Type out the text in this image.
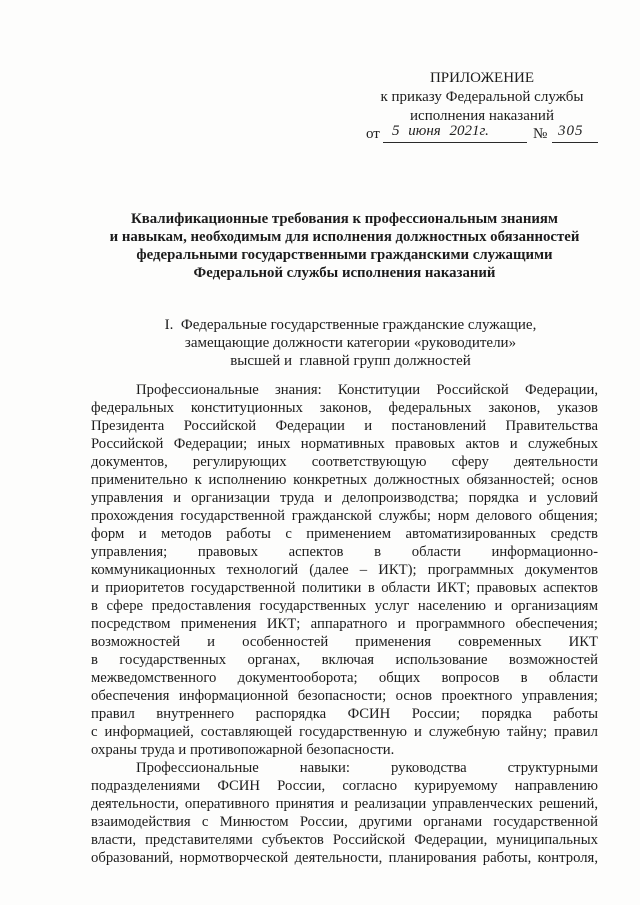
ПРИЛОЖЕНИЕ
к приказу Федеральной службы
исполнения наказаний
от 5 июня 2021г.	№ 305
Квалификационные требования к профессиональным знаниям
и навыкам, необходимым для исполнения должностных обязанностей
федеральными государственными гражданскими служащими
Федеральной службы исполнения наказаний
I.  Федеральные государственные гражданские служащие,
замещающие должности категории «руководители»
высшей и  главной групп должностей
Профессиональные знания: Конституции Российской Федерации,
федеральных конституционных законов, федеральных законов, указов
Президента Российской Федерации и постановлений Правительства
Российской Федерации; иных нормативных правовых актов и служебных
документов, регулирующих соответствующую сферу деятельности
применительно к исполнению конкретных должностных обязанностей; основ
управления и организации труда и делопроизводства; порядка и условий
прохождения государственной гражданской службы; норм делового общения;
форм и методов работы с применением автоматизированных средств
управления; правовых аспектов в области информационно-
коммуникационных технологий (далее – ИКТ); программных документов
и приоритетов государственной политики в области ИКТ; правовых аспектов
в сфере предоставления государственных услуг населению и организациям
посредством применения ИКТ; аппаратного и программного обеспечения;
возможностей и особенностей применения современных ИКТ
в государственных органах, включая использование возможностей
межведомственного документооборота; общих вопросов в области
обеспечения информационной безопасности; основ проектного управления;
правил внутреннего распорядка ФСИН России; порядка работы
с информацией, составляющей государственную и служебную тайну; правил
охраны труда и противопожарной безопасности.
Профессиональные навыки: руководства структурными
подразделениями ФСИН России, согласно курируемому направлению
деятельности, оперативного принятия и реализации управленческих решений,
взаимодействия с Минюстом России, другими органами государственной
власти, представителями субъектов Российской Федерации, муниципальных
образований, нормотворческой деятельности, планирования работы, контроля,
